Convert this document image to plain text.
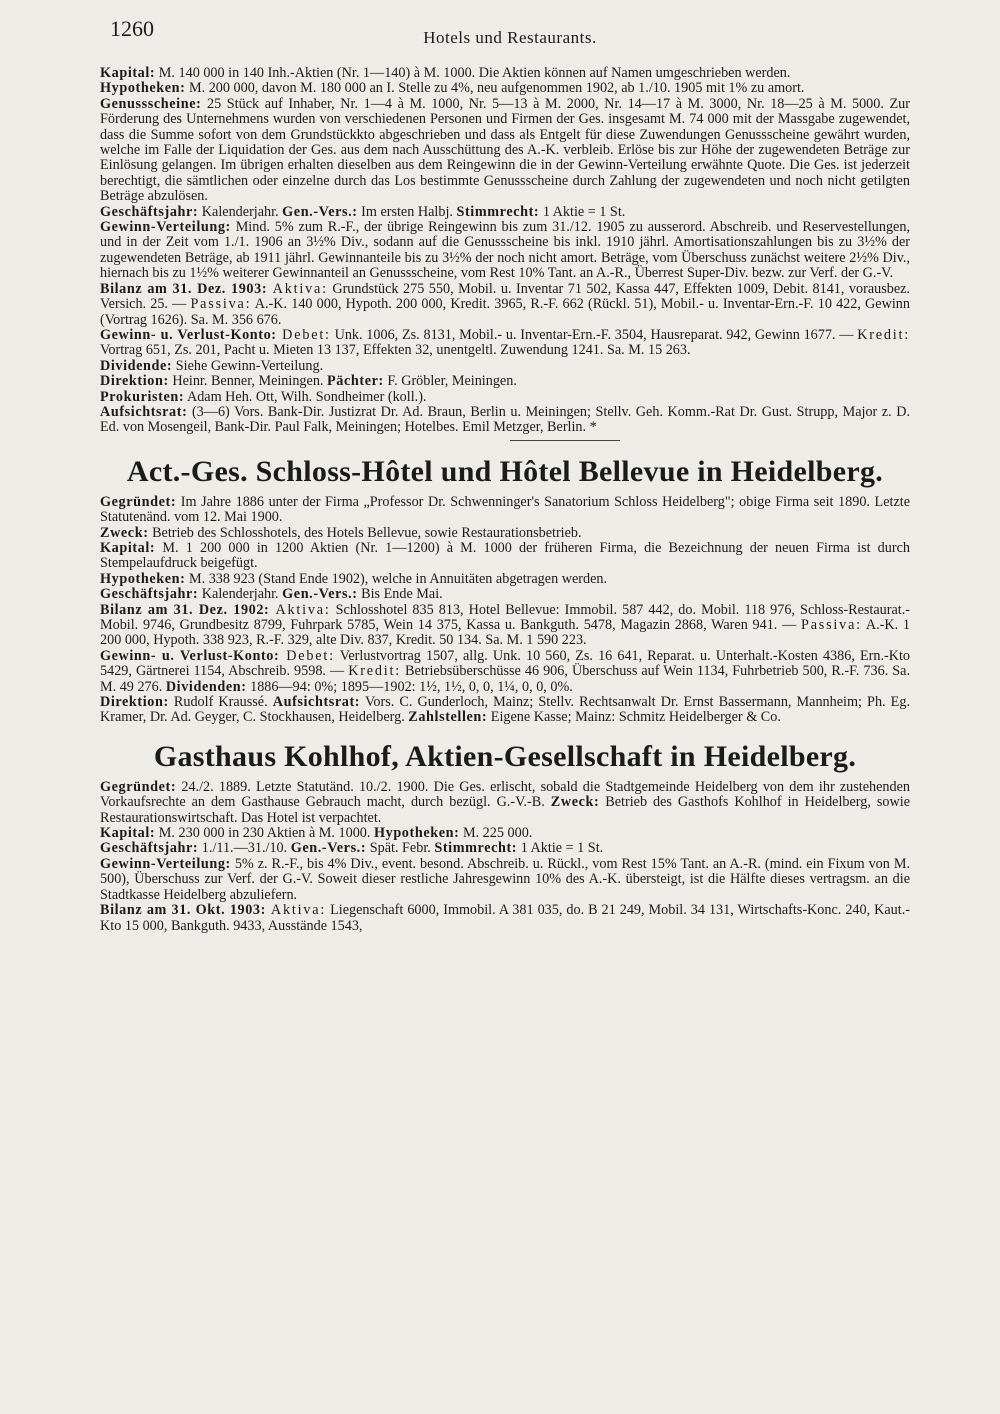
1260	Hotels und Restaurants.

Kapital: M. 140 000 in 140 Inh.-Aktien (Nr. 1—140) à M. 1000. Die Aktien können auf Namen umgeschrieben werden.

Hypotheken: M. 200 000, davon M. 180 000 an I. Stelle zu 4%, neu aufgenommen 1902, ab 1./10. 1905 mit 1% zu amort.

Genussscheine: 25 Stück auf Inhaber, Nr. 1—4 à M. 1000, Nr. 5—13 à M. 2000, Nr. 14—17 à M. 3000, Nr. 18—25 à M. 5000. Zur Förderung des Unternehmens wurden von verschiedenen Personen und Firmen der Ges. insgesamt M. 74 000 mit der Massgabe zugewendet, dass die Summe sofort von dem Grundstückkto abgeschrieben und dass als Entgelt für diese Zuwendungen Genussscheine gewährt wurden, welche im Falle der Liquidation der Ges. aus dem nach Ausschüttung des A.-K. verbleib. Erlöse bis zur Höhe der zugewendeten Beträge zur Einlösung gelangen. Im übrigen erhalten dieselben aus dem Reingewinn die in der Gewinn-Verteilung erwähnte Quote. Die Ges. ist jederzeit berechtigt, die sämtlichen oder einzelne durch das Los bestimmte Genussscheine durch Zahlung der zugewendeten und noch nicht getilgten Beträge abzulösen.

Geschäftsjahr: Kalenderjahr. Gen.-Vers.: Im ersten Halbj. Stimmrecht: 1 Aktie = 1 St.

Gewinn-Verteilung: Mind. 5% zum R.-F., der übrige Reingewinn bis zum 31./12. 1905 zu ausserord. Abschreib. und Reservestellungen, und in der Zeit vom 1./1. 1906 an 3½% Div., sodann auf die Genussscheine bis inkl. 1910 jährl. Amortisationszahlungen bis zu 3½% der zugewendeten Beträge, ab 1911 jährl. Gewinnanteile bis zu 3½% der noch nicht amort. Beträge, vom Überschuss zunächst weitere 2½% Div., hiernach bis zu 1½% weiterer Gewinnanteil an Genussscheine, vom Rest 10% Tant. an A.-R., Überrest Super-Div. bezw. zur Verf. der G.-V.

Bilanz am 31. Dez. 1903: Aktiva: Grundstück 275 550, Mobil. u. Inventar 71 502, Kassa 447, Effekten 1009, Debit. 8141, vorausbez. Versich. 25. — Passiva: A.-K. 140 000, Hypoth. 200 000, Kredit. 3965, R.-F. 662 (Rückl. 51), Mobil.- u. Inventar-Ern.-F. 10 422, Gewinn (Vortrag 1626). Sa. M. 356 676.

Gewinn- u. Verlust-Konto: Debet: Unk. 1006, Zs. 8131, Mobil.- u. Inventar-Ern.-F. 3504, Hausreparat. 942, Gewinn 1677. — Kredit: Vortrag 651, Zs. 201, Pacht u. Mieten 13 137, Effekten 32, unentgeltl. Zuwendung 1241. Sa. M. 15 263.

Dividende: Siehe Gewinn-Verteilung.

Direktion: Heinr. Benner, Meiningen. Pächter: F. Gröbler, Meiningen.

Prokuristen: Adam Heh. Ott, Wilh. Sondheimer (koll.).

Aufsichtsrat: (3—6) Vors. Bank-Dir. Justizrat Dr. Ad. Braun, Berlin u. Meiningen; Stellv. Geh. Komm.-Rat Dr. Gust. Strupp, Major z. D. Ed. von Mosengeil, Bank-Dir. Paul Falk, Meiningen; Hotelbes. Emil Metzger, Berlin. *

Act.-Ges. Schloss-Hôtel und Hôtel Bellevue in Heidelberg.

Gegründet: Im Jahre 1886 unter der Firma „Professor Dr. Schwenninger's Sanatorium Schloss Heidelberg"; obige Firma seit 1890. Letzte Statutenänd. vom 12. Mai 1900.

Zweck: Betrieb des Schlosshotels, des Hotels Bellevue, sowie Restaurationsbetrieb.

Kapital: M. 1 200 000 in 1200 Aktien (Nr. 1—1200) à M. 1000 der früheren Firma, die Bezeichnung der neuen Firma ist durch Stempelaufdruck beigefügt.

Hypotheken: M. 338 923 (Stand Ende 1902), welche in Annuitäten abgetragen werden.

Geschäftsjahr: Kalenderjahr. Gen.-Vers.: Bis Ende Mai.

Bilanz am 31. Dez. 1902: Aktiva: Schlosshotel 835 813, Hotel Bellevue: Immobil. 587 442, do. Mobil. 118 976, Schloss-Restaurat.-Mobil. 9746, Grundbesitz 8799, Fuhrpark 5785, Wein 14 375, Kassa u. Bankguth. 5478, Magazin 2868, Waren 941. — Passiva: A.-K. 1 200 000, Hypoth. 338 923, R.-F. 329, alte Div. 837, Kredit. 50 134. Sa. M. 1 590 223.

Gewinn- u. Verlust-Konto: Debet: Verlustvortrag 1507, allg. Unk. 10 560, Zs. 16 641, Reparat. u. Unterhalt.-Kosten 4386, Ern.-Kto 5429, Gärtnerei 1154, Abschreib. 9598. — Kredit: Betriebsüberschüsse 46 906, Überschuss auf Wein 1134, Fuhrbetrieb 500, R.-F. 736. Sa. M. 49 276. Dividenden: 1886—94: 0%; 1895—1902: 1½, 1½, 0, 0, 1¼, 0, 0, 0%.

Direktion: Rudolf Kraussé. Aufsichtsrat: Vors. C. Gunderloch, Mainz; Stellv. Rechtsanwalt Dr. Ernst Bassermann, Mannheim; Ph. Eg. Kramer, Dr. Ad. Geyger, C. Stockhausen, Heidelberg. Zahlstellen: Eigene Kasse; Mainz: Schmitz Heidelberger & Co.

Gasthaus Kohlhof, Aktien-Gesellschaft in Heidelberg.

Gegründet: 24./2. 1889. Letzte Statutänd. 10./2. 1900. Die Ges. erlischt, sobald die Stadtgemeinde Heidelberg von dem ihr zustehenden Vorkaufsrechte an dem Gasthause Gebrauch macht, durch bezügl. G.-V.-B. Zweck: Betrieb des Gasthofs Kohlhof in Heidelberg, sowie Restaurationswirtschaft. Das Hotel ist verpachtet.

Kapital: M. 230 000 in 230 Aktien à M. 1000. Hypotheken: M. 225 000.

Geschäftsjahr: 1./11.—31./10. Gen.-Vers.: Spät. Febr. Stimmrecht: 1 Aktie = 1 St.

Gewinn-Verteilung: 5% z. R.-F., bis 4% Div., event. besond. Abschreib. u. Rückl., vom Rest 15% Tant. an A.-R. (mind. ein Fixum von M. 500), Überschuss zur Verf. der G.-V. Soweit dieser restliche Jahresgewinn 10% des A.-K. übersteigt, ist die Hälfte dieses vertragsm. an die Stadtkasse Heidelberg abzuliefern.

Bilanz am 31. Okt. 1903: Aktiva: Liegenschaft 6000, Immobil. A 381 035, do. B 21 249, Mobil. 34 131, Wirtschafts-Konc. 240, Kaut.-Kto 15 000, Bankguth. 9433, Ausstände 1543,
